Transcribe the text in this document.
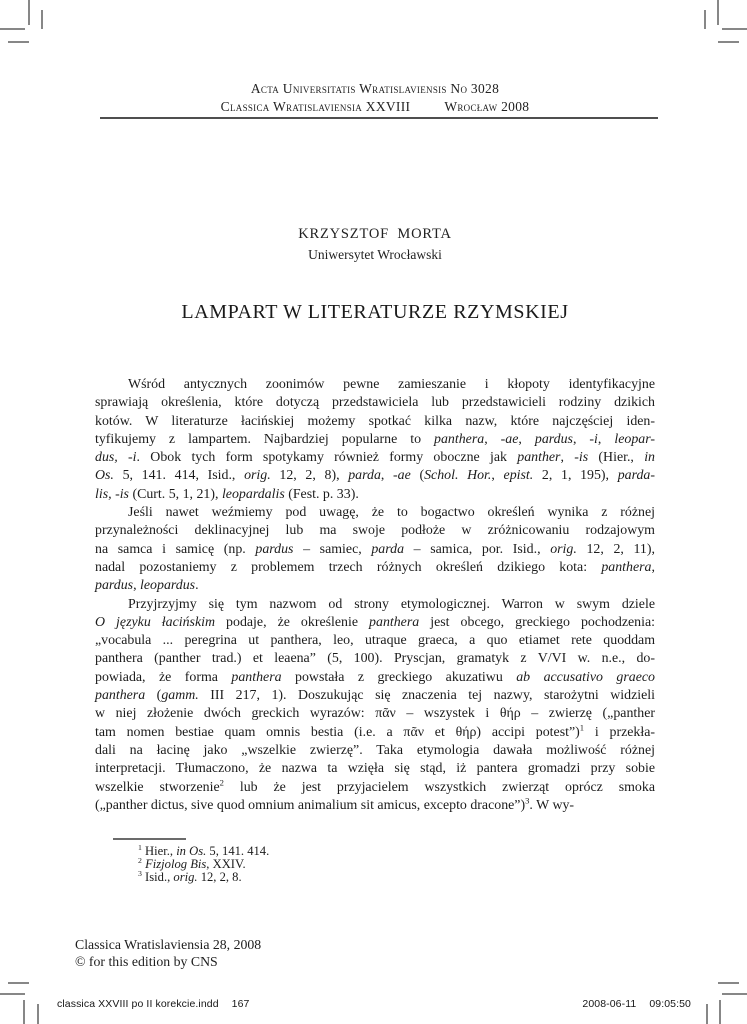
Acta Universitatis Wratislaviensis No 3028
Classica Wratislaviensia XXVIII	Wrocław 2008
KRZYSZTOF MORTA
Uniwersytet Wrocławski
LAMPART W LITERATURZE RZYMSKIEJ
Wśród antycznych zoonimów pewne zamieszanie i kłopoty identyfikacyjne
sprawiają określenia, które dotyczą przedstawiciela lub przedstawicieli rodziny dzikich
kotów. W literaturze łacińskiej możemy spotkać kilka nazw, które najczęściej iden-
tyfikujemy z lampartem. Najbardziej popularne to panthera, -ae, pardus, -i, leopar-
dus, -i. Obok tych form spotykamy również formy oboczne jak panther, -is (Hier., in
Os. 5, 141. 414, Isid., orig. 12, 2, 8), parda, -ae (Schol. Hor., epist. 2, 1, 195), parda-
lis, -is (Curt. 5, 1, 21), leopardalis (Fest. p. 33).
Jeśli nawet weźmiemy pod uwagę, że to bogactwo określeń wynika z różnej
przynależności deklinacyjnej lub ma swoje podłoże w zróżnicowaniu rodzajowym
na samca i samicę (np. pardus – samiec, parda – samica, por. Isid., orig. 12, 2, 11),
nadal pozostaniemy z problemem trzech różnych określeń dzikiego kota: panthera,
pardus, leopardus.
Przyjrzyjmy się tym nazwom od strony etymologicznej. Warron w swym dziele
O języku łacińskim podaje, że określenie panthera jest obcego, greckiego pochodzenia:
„vocabula ... peregrina ut panthera, leo, utraque graeca, a quo etiamet rete quoddam
panthera (panther trad.) et leaena” (5, 100). Pryscjan, gramatyk z V/VI w. n.e., do-
powiada, że forma panthera powstała z greckiego akuzatiwu ab accusativo graeco
panthera (gamm. III 217, 1). Doszukując się znaczenia tej nazwy, starożytni widzieli
w niej złożenie dwóch greckich wyrazów: πᾶν – wszystek i θήρ – zwierzę („panther
tam nomen bestiae quam omnis bestia (i.e. a πᾶν et θήρ) accipi potest”)$^1$ i przekła-
dali na łacinę jako „wszelkie zwierzę”. Taka etymologia dawała możliwość różnej
interpretacji. Tłumaczono, że nazwa ta wzięła się stąd, iż pantera gromadzi przy sobie
wszelkie stworzenie$^2$ lub że jest przyjacielem wszystkich zwierząt oprócz smoka
(„panther dictus, sive quod omnium animalium sit amicus, excepto dracone”)$^3$. W wy-
$^1$ Hier., in Os. 5, 141. 414.
$^2$ Fizjolog Bis, XXIV.
$^3$ Isid., orig. 12, 2, 8.
Classica Wratislaviensia 28, 2008
© for this edition by CNS
classica XXVIII po II korekcie.indd 167	2008-06-11 09:05:50
